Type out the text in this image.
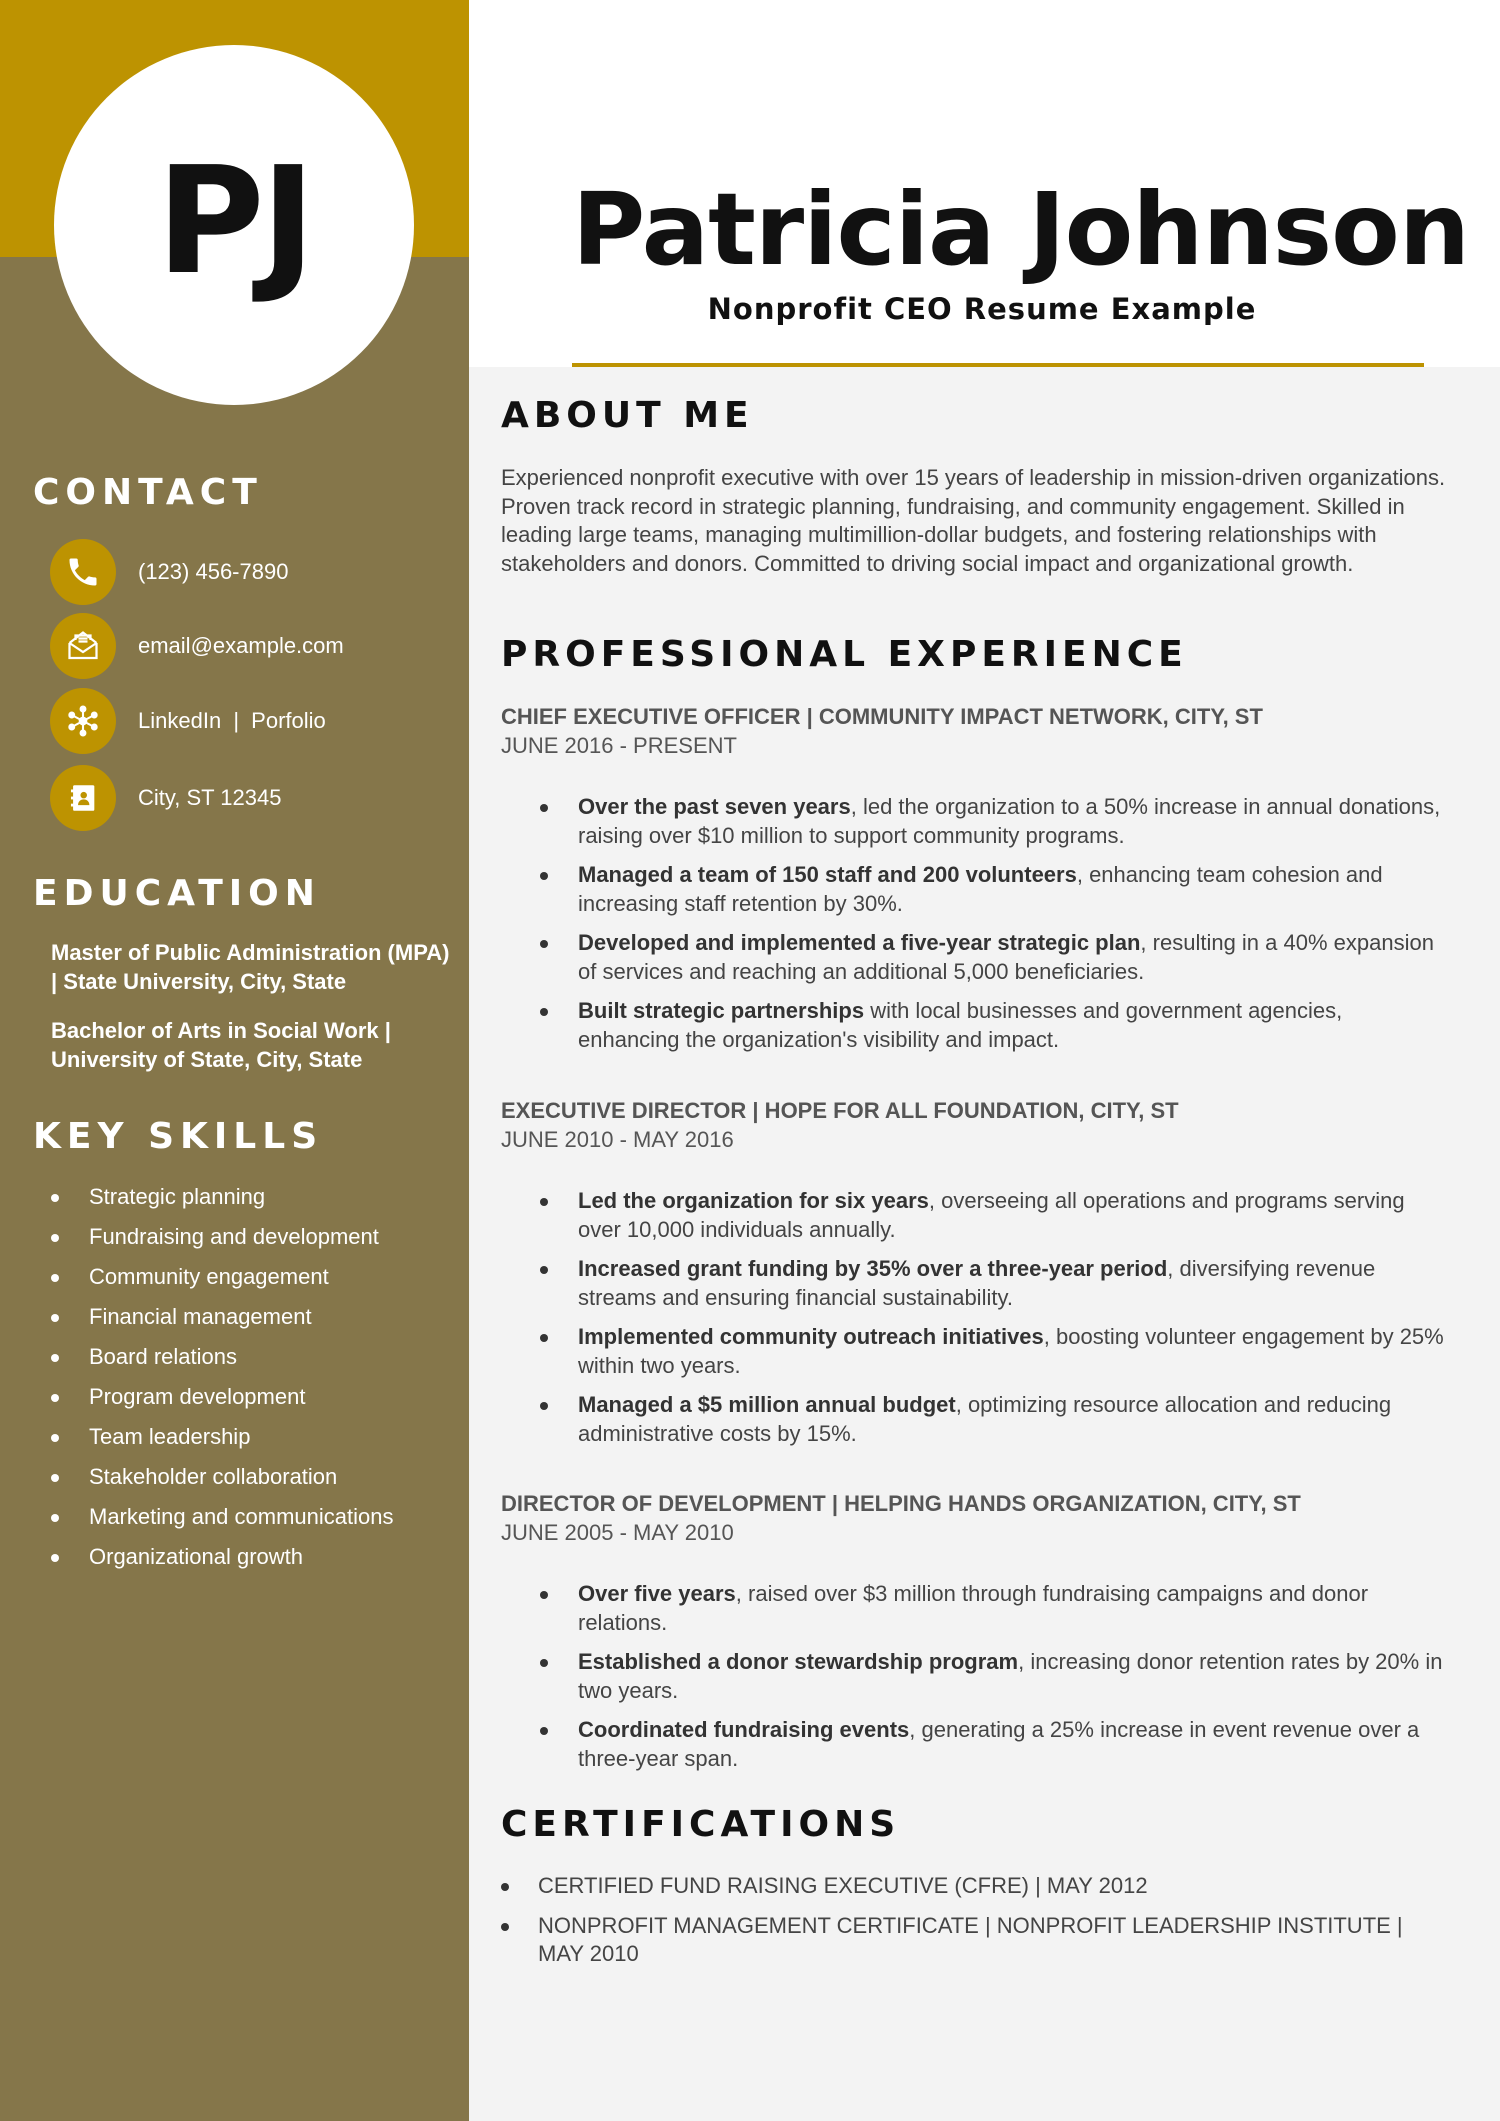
PJ
CONTACT
(123) 456-7890
email@example.com
LinkedIn | Porfolio
City, ST 12345
EDUCATION

Master of Public Administration (MPA) | State University, City, State

Bachelor of Arts in Social Work | University of State, City, State

KEY SKILLS
Strategic planning
Fundraising and development
Community engagement
Financial management
Board relations
Program development
Team leadership
Stakeholder collaboration
Marketing and communications
Organizational growth
Patricia Johnson

Nonprofit CEO Resume Example

ABOUT ME

Experienced nonprofit executive with over 15 years of leadership in mission-driven organizations. Proven track record in strategic planning, fundraising, and community engagement. Skilled in leading large teams, managing multimillion-dollar budgets, and fostering relationships with stakeholders and donors. Committed to driving social impact and organizational growth.

PROFESSIONAL EXPERIENCE

CHIEF EXECUTIVE OFFICER | COMMUNITY IMPACT NETWORK, CITY, ST

JUNE 2016 - PRESENT

Over the past seven years, led the organization to a 50% increase in annual donations, raising over $10 million to support community programs.
Managed a team of 150 staff and 200 volunteers, enhancing team cohesion and increasing staff retention by 30%.
Developed and implemented a five-year strategic plan, resulting in a 40% expansion of services and reaching an additional 5,000 beneficiaries.
Built strategic partnerships with local businesses and government agencies, enhancing the organization's visibility and impact.

EXECUTIVE DIRECTOR | HOPE FOR ALL FOUNDATION, CITY, ST

JUNE 2010 - MAY 2016

Led the organization for six years, overseeing all operations and programs serving over 10,000 individuals annually.
Increased grant funding by 35% over a three-year period, diversifying revenue streams and ensuring financial sustainability.
Implemented community outreach initiatives, boosting volunteer engagement by 25% within two years.
Managed a $5 million annual budget, optimizing resource allocation and reducing administrative costs by 15%.

DIRECTOR OF DEVELOPMENT | HELPING HANDS ORGANIZATION, CITY, ST

JUNE 2005 - MAY 2010

Over five years, raised over $3 million through fundraising campaigns and donor relations.
Established a donor stewardship program, increasing donor retention rates by 20% in two years.
Coordinated fundraising events, generating a 25% increase in event revenue over a three-year span.
CERTIFICATIONS
CERTIFIED FUND RAISING EXECUTIVE (CFRE) | MAY 2012
NONPROFIT MANAGEMENT CERTIFICATE | NONPROFIT LEADERSHIP INSTITUTE | MAY 2010
